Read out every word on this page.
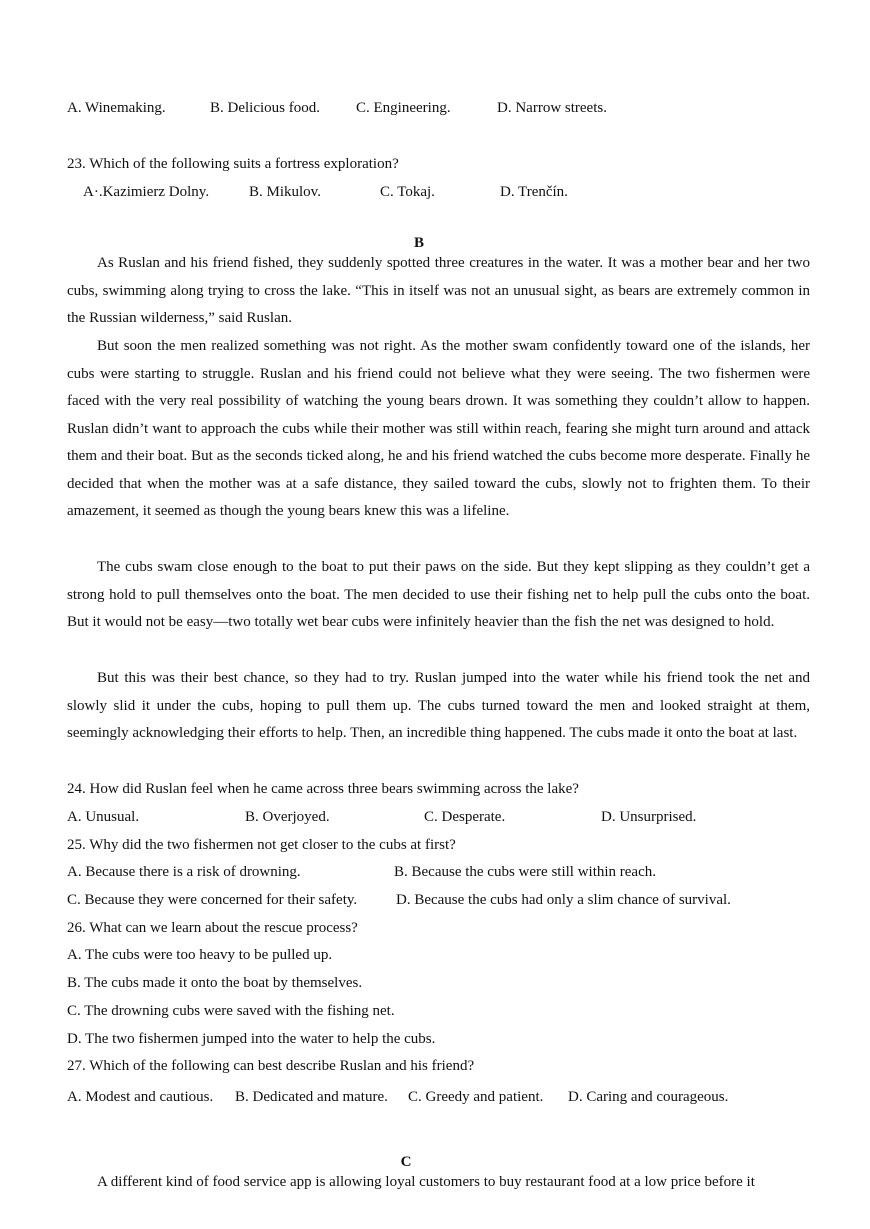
A. Winemaking.	B. Delicious food. C. Engineering.	D. Narrow streets.
23. Which of the following suits a fortress exploration?
A·.Kazimierz Dolny.	B. Mikulov.	C. Tokaj.	D. Trenčín.
B

As Ruslan and his friend fished, they suddenly spotted three creatures in the water. It was a mother bear and her two cubs, swimming along trying to cross the lake. “This in itself was not an unusual sight, as bears are extremely common in the Russian wilderness,” said Ruslan.

But soon the men realized something was not right. As the mother swam confidently toward one of the islands, her cubs were starting to struggle. Ruslan and his friend could not believe what they were seeing. The two fishermen were faced with the very real possibility of watching the young bears drown. It was something they couldn’t allow to happen. Ruslan didn’t want to approach the cubs while their mother was still within reach, fearing she might turn around and attack them and their boat. But as the seconds ticked along, he and his friend watched the cubs become more desperate. Finally he decided that when the mother was at a safe distance, they sailed toward the cubs, slowly not to frighten them. To their amazement, it seemed as though the young bears knew this was a lifeline.

The cubs swam close enough to the boat to put their paws on the side. But they kept slipping as they couldn’t get a strong hold to pull themselves onto the boat. The men decided to use their fishing net to help pull the cubs onto the boat. But it would not be easy—two totally wet bear cubs were infinitely heavier than the fish the net was designed to hold.

But this was their best chance, so they had to try. Ruslan jumped into the water while his friend took the net and slowly slid it under the cubs, hoping to pull them up. The cubs turned toward the men and looked straight at them, seemingly acknowledging their efforts to help. Then, an incredible thing happened. The cubs made it onto the boat at last.

24. How did Ruslan feel when he came across three bears swimming across the lake?
A. Unusual.	B. Overjoyed.	C. Desperate.	D. Unsurprised.
25. Why did the two fishermen not get closer to the cubs at first?
A. Because there is a risk of drowning.	B. Because the cubs were still within reach.
C. Because they were concerned for their safety.	D. Because the cubs had only a slim chance of survival.
26. What can we learn about the rescue process?
A. The cubs were too heavy to be pulled up.
B. The cubs made it onto the boat by themselves.
C. The drowning cubs were saved with the fishing net.
D. The two fishermen jumped into the water to help the cubs.
27. Which of the following can best describe Ruslan and his friend?
A. Modest and cautious. B. Dedicated and mature. C. Greedy and patient. D. Caring and courageous.
C
A different kind of food service app is allowing loyal customers to buy restaurant food at a low price before it
